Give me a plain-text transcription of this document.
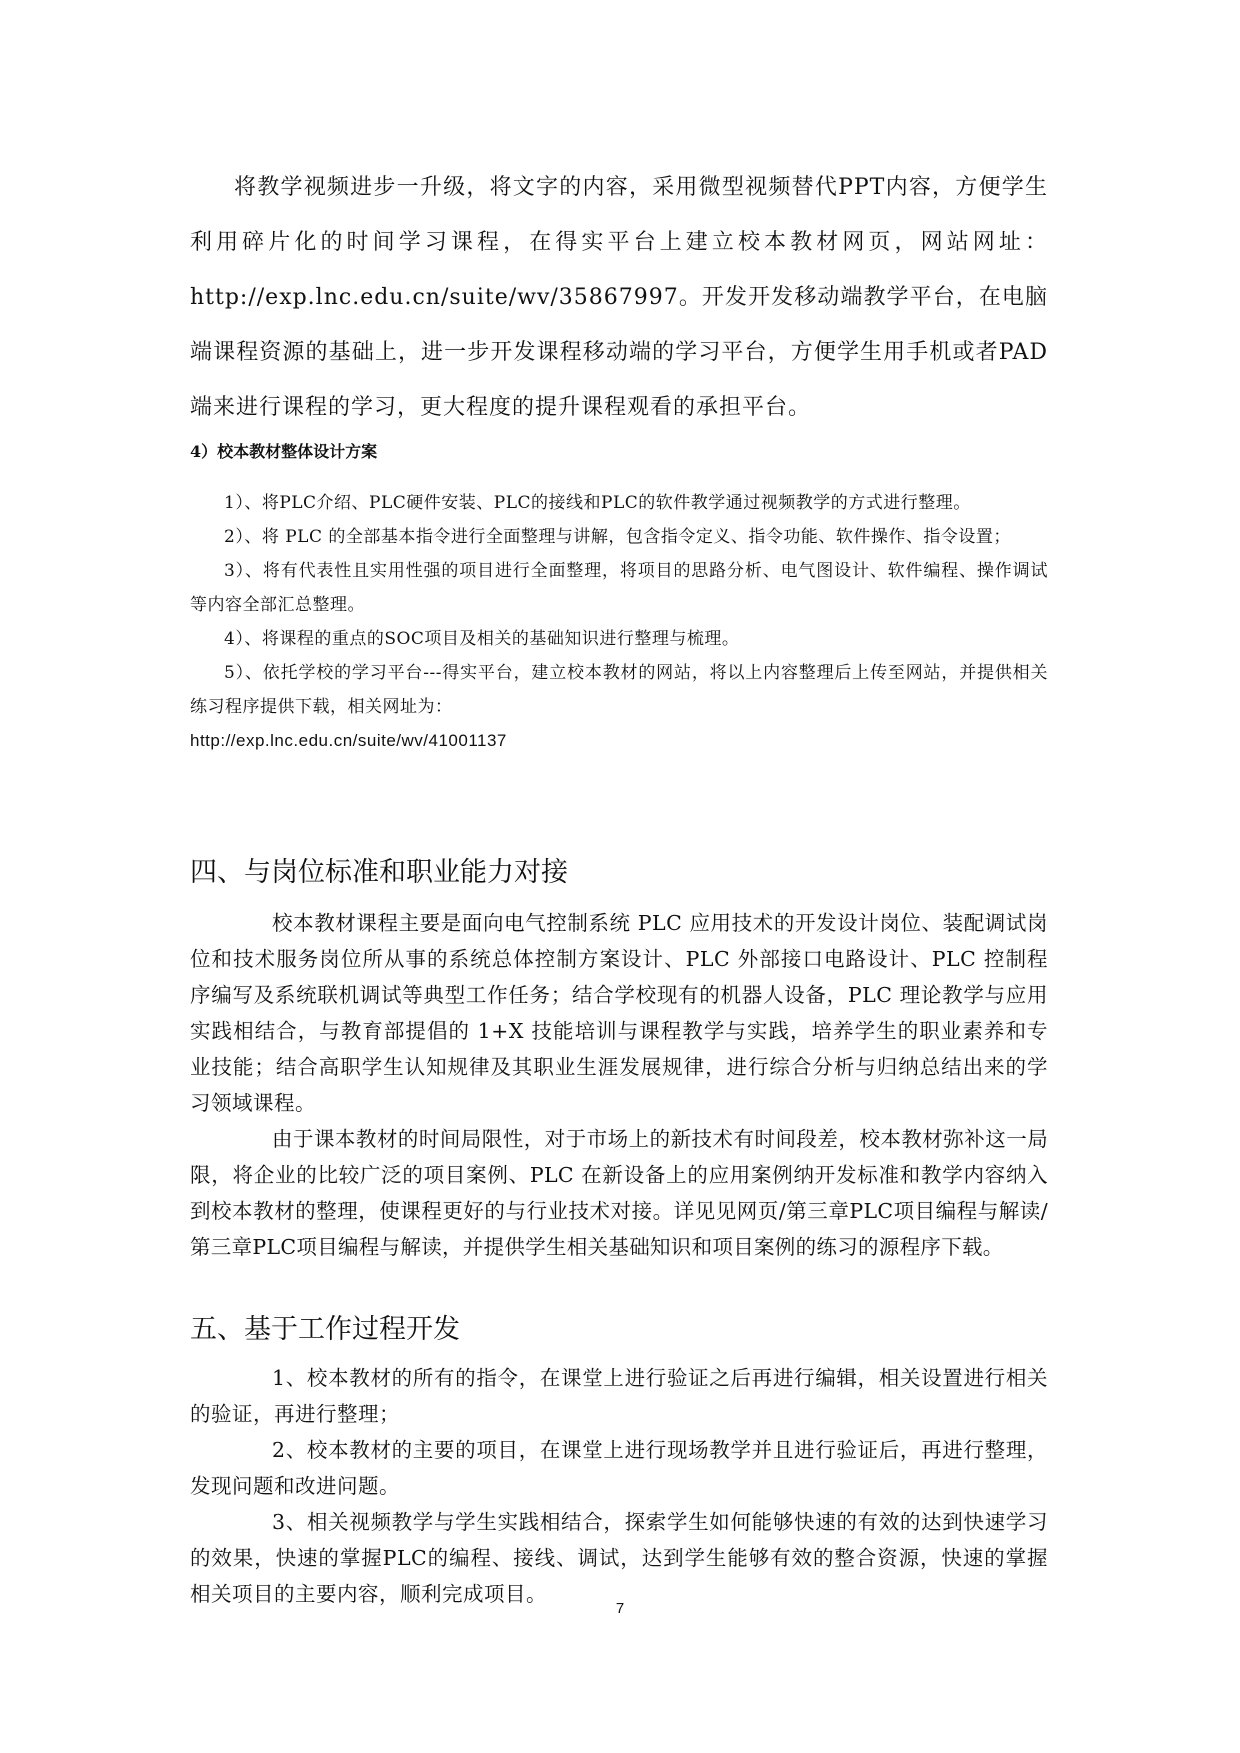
将教学视频进步一升级，将文字的内容，采用微型视频替代PPT内容，方便学生利用碎片化的时间学习课程，在得实平台上建立校本教材网页，网站网址：http://exp.lnc.edu.cn/suite/wv/35867997。开发开发移动端教学平台，在电脑端课程资源的基础上，进一步开发课程移动端的学习平台，方便学生用手机或者PAD端来进行课程的学习，更大程度的提升课程观看的承担平台。

4）校本教材整体设计方案

1）、将PLC介绍、PLC硬件安装、PLC的接线和PLC的软件教学通过视频教学的方式进行整理。

2）、将 PLC 的全部基本指令进行全面整理与讲解，包含指令定义、指令功能、软件操作、指令设置；

3）、将有代表性且实用性强的项目进行全面整理，将项目的思路分析、电气图设计、软件编程、操作调试等内容全部汇总整理。

4）、将课程的重点的SOC项目及相关的基础知识进行整理与梳理。

5）、依托学校的学习平台---得实平台，建立校本教材的网站，将以上内容整理后上传至网站，并提供相关练习程序提供下载，相关网址为：

http://exp.lnc.edu.cn/suite/wv/41001137

四、与岗位标准和职业能力对接

校本教材课程主要是面向电气控制系统 PLC 应用技术的开发设计岗位、装配调试岗位和技术服务岗位所从事的系统总体控制方案设计、PLC 外部接口电路设计、PLC 控制程序编写及系统联机调试等典型工作任务；结合学校现有的机器人设备，PLC 理论教学与应用实践相结合，与教育部提倡的 1+X 技能培训与课程教学与实践，培养学生的职业素养和专业技能；结合高职学生认知规律及其职业生涯发展规律，进行综合分析与归纳总结出来的学习领域课程。

由于课本教材的时间局限性，对于市场上的新技术有时间段差，校本教材弥补这一局限，将企业的比较广泛的项目案例、PLC 在新设备上的应用案例纳开发标准和教学内容纳入到校本教材的整理，使课程更好的与行业技术对接。详见见网页/第三章PLC项目编程与解读/第三章PLC项目编程与解读，并提供学生相关基础知识和项目案例的练习的源程序下载。

五、基于工作过程开发

1、校本教材的所有的指令，在课堂上进行验证之后再进行编辑，相关设置进行相关的验证，再进行整理；

2、校本教材的主要的项目，在课堂上进行现场教学并且进行验证后，再进行整理，发现问题和改进问题。

3、相关视频教学与学生实践相结合，探索学生如何能够快速的有效的达到快速学习的效果，快速的掌握PLC的编程、接线、调试，达到学生能够有效的整合资源，快速的掌握相关项目的主要内容，顺利完成项目。

7
